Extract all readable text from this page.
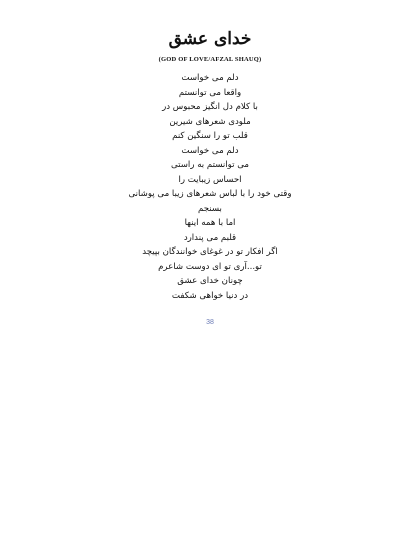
خدای عشق
(GOD OF LOVE/AFZAL SHAUQ)
دلم می خواست
واقعا می توانستم
با کلام دل انگیز محبوس در
ملودی شعرهای شیرین
قلب تو را سنگین کنم
دلم می خواست
می توانستم به راستی
احساس زیبایت را
وقتی خود را با لباس شعرهای زیبا می پوشانی
بسنجم
اما با همه اینها
قلبم می پندارد
اگر افکار تو در غوغای خوانندگان بپیچد
تو...آری تو ای دوست شاعرم
چونان خدای عشق
در دنیا خواهی شکفت
38
